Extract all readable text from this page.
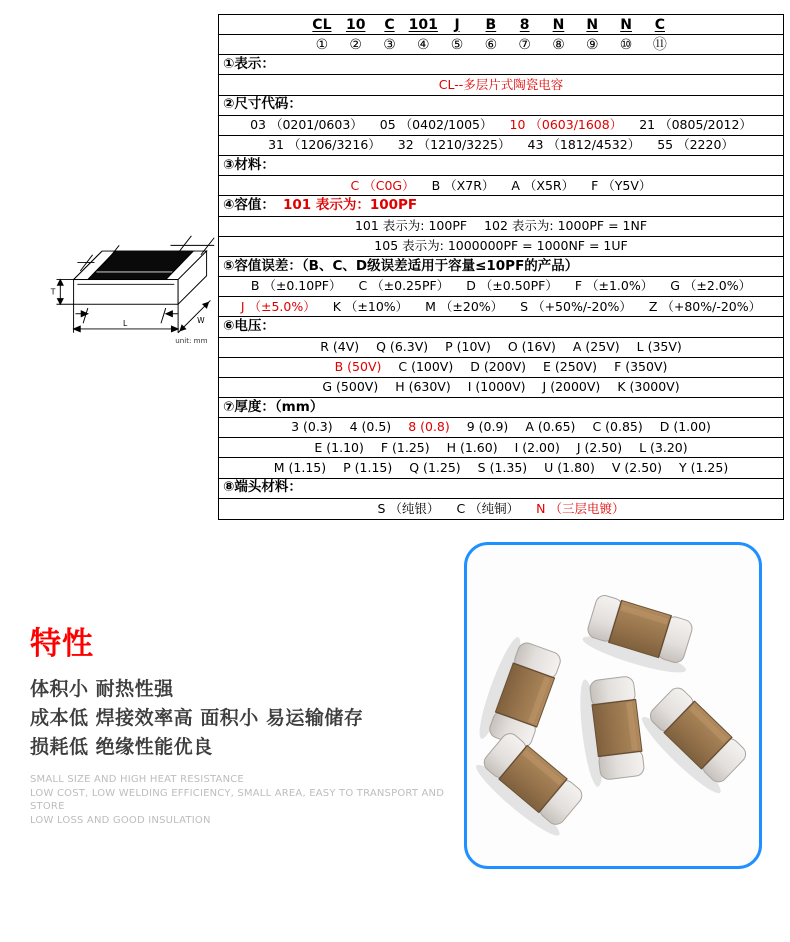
T
L	W
unit: mm
CL	10	C	101	J	B	8	N	N	N	C
①	②	③	④	⑤	⑥	⑦	⑧	⑨	⑩	⑪
①表示：
CL--多层片式陶瓷电容
②尺寸代码：
03 （0201/0603） 05 （0402/1005） 10 （0603/1608） 21 （0805/2012）
31 （1206/3216） 32 （1210/3225） 43 （1812/4532） 55 （2220）
③材料：
C （C0G） B （X7R） A （X5R） F （Y5V）
④容值： 101 表示为：100PF
101 表示为: 100PF 102 表示为: 1000PF = 1NF
105 表示为: 1000000PF = 1000NF = 1UF
⑤容值误差：（B、C、D级误差适用于容量≤10PF的产品）
B （±0.10PF） C （±0.25PF） D （±0.50PF） F （±1.0%） G （±2.0%）
J （±5.0%） K （±10%） M （±20%） S （+50%/-20%） Z （+80%/-20%）
⑥电压：
R (4V) Q (6.3V) P (10V) O (16V) A (25V) L (35V)
B (50V) C (100V) D (200V) E (250V) F (350V)
G (500V) H (630V) I (1000V) J (2000V) K (3000V)
⑦厚度：（mm）
3 (0.3) 4 (0.5) 8 (0.8) 9 (0.9) A (0.65) C (0.85) D (1.00)
E (1.10) F (1.25) H (1.60) I (2.00) J (2.50) L (3.20)
M (1.15) P (1.15) Q (1.25) S (1.35) U (1.80) V (2.50) Y (1.25)
⑧端头材料：
S （纯银） C （纯铜） N （三层电镀）
特性
体积小 耐热性强
成本低 焊接效率高 面积小 易运输储存
损耗低 绝缘性能优良
SMALL SIZE AND HIGH HEAT RESISTANCE
LOW COST, LOW WELDING EFFICIENCY, SMALL AREA, EASY TO TRANSPORT AND STORE
LOW LOSS AND GOOD INSULATION
